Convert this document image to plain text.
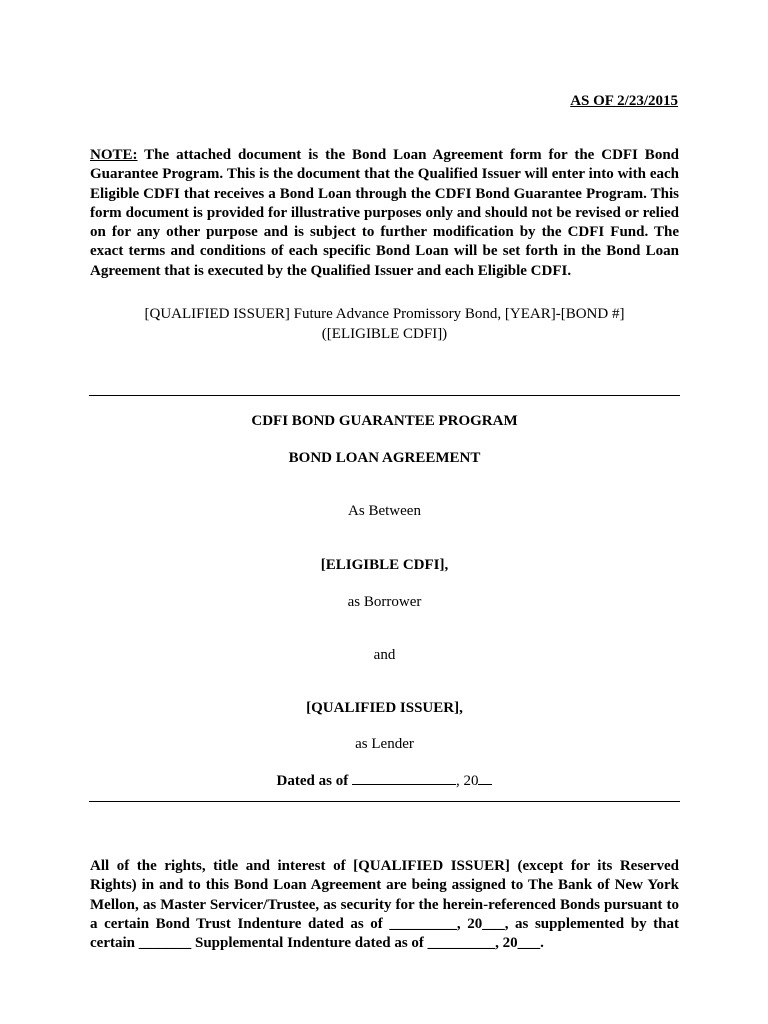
AS OF 2/23/2015
NOTE: The attached document is the Bond Loan Agreement form for the CDFI Bond Guarantee Program. This is the document that the Qualified Issuer will enter into with each Eligible CDFI that receives a Bond Loan through the CDFI Bond Guarantee Program. This form document is provided for illustrative purposes only and should not be revised or relied on for any other purpose and is subject to further modification by the CDFI Fund. The exact terms and conditions of each specific Bond Loan will be set forth in the Bond Loan Agreement that is executed by the Qualified Issuer and each Eligible CDFI.
[QUALIFIED ISSUER] Future Advance Promissory Bond, [YEAR]-[BOND #]
([ELIGIBLE CDFI])
CDFI BOND GUARANTEE PROGRAM
BOND LOAN AGREEMENT
As Between
[ELIGIBLE CDFI],
as Borrower
and
[QUALIFIED ISSUER],
as Lender
Dated as of	, 20
All of the rights, title and interest of [QUALIFIED ISSUER] (except for its Reserved Rights) in and to this Bond Loan Agreement are being assigned to The Bank of New York Mellon, as Master Servicer/Trustee, as security for the herein-referenced Bonds pursuant to a certain Bond Trust Indenture dated as of _________, 20___, as supplemented by that certain _______ Supplemental Indenture dated as of _________, 20___.
